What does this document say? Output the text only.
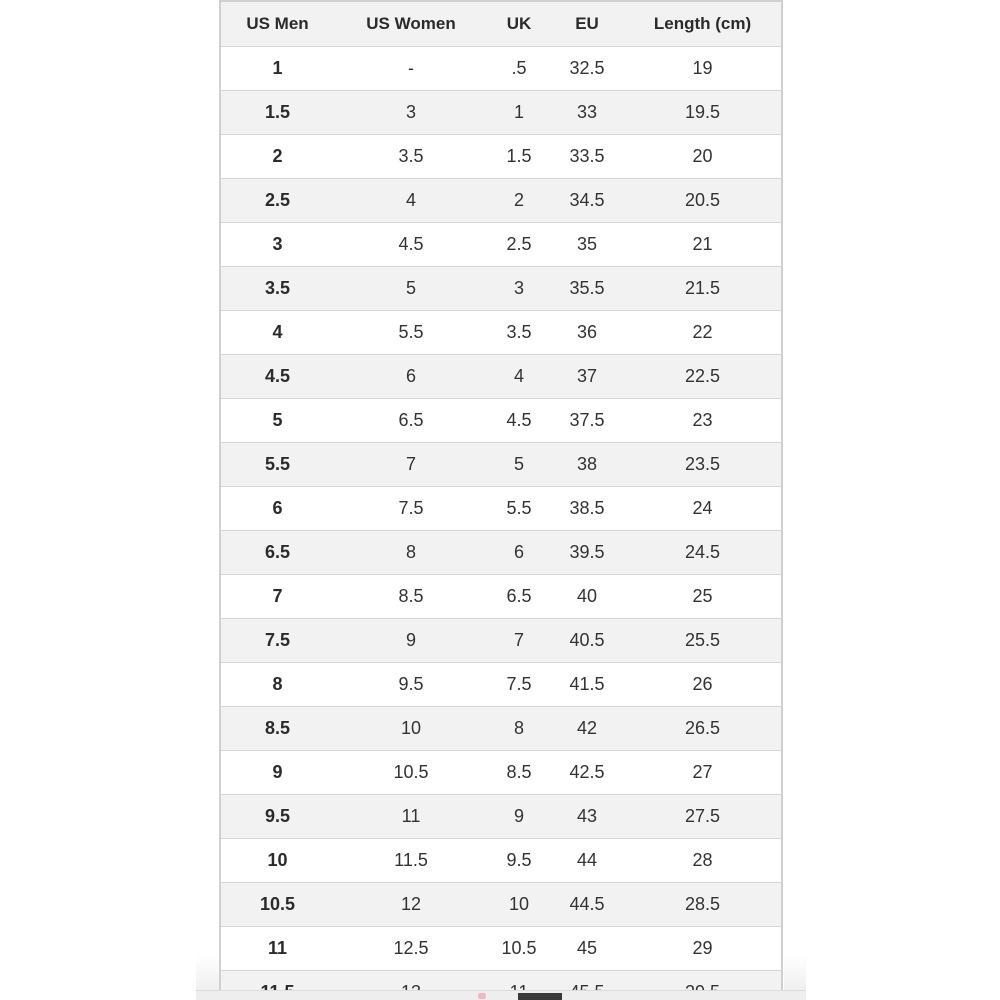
US Men	US Women	UK	EU	Length (cm)
1	-	.5	32.5	19
1.5	3	1	33	19.5
2	3.5	1.5	33.5	20
2.5	4	2	34.5	20.5
3	4.5	2.5	35	21
3.5	5	3	35.5	21.5
4	5.5	3.5	36	22
4.5	6	4	37	22.5
5	6.5	4.5	37.5	23
5.5	7	5	38	23.5
6	7.5	5.5	38.5	24
6.5	8	6	39.5	24.5
7	8.5	6.5	40	25
7.5	9	7	40.5	25.5
8	9.5	7.5	41.5	26
8.5	10	8	42	26.5
9	10.5	8.5	42.5	27
9.5	11	9	43	27.5
10	11.5	9.5	44	28
10.5	12	10	44.5	28.5
11	12.5	10.5	45	29
